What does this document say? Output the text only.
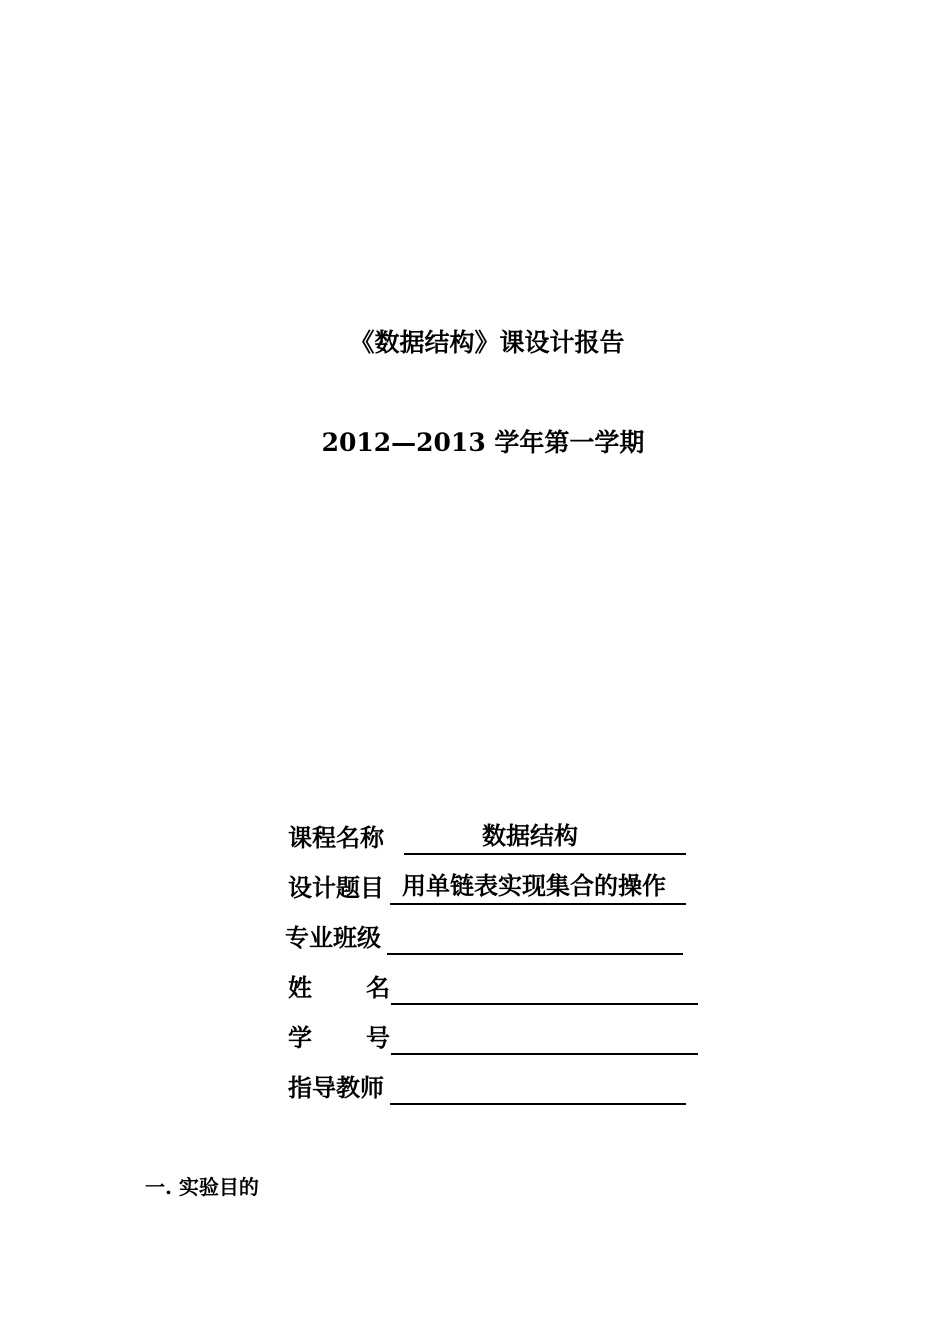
《数据结构》课设计报告
2012—2013 学年第一学期
课程名称	数据结构
设计题目 用单链表实现集合的操作
专业班级
姓 名
学 号
指导教师
一. 实验目的
